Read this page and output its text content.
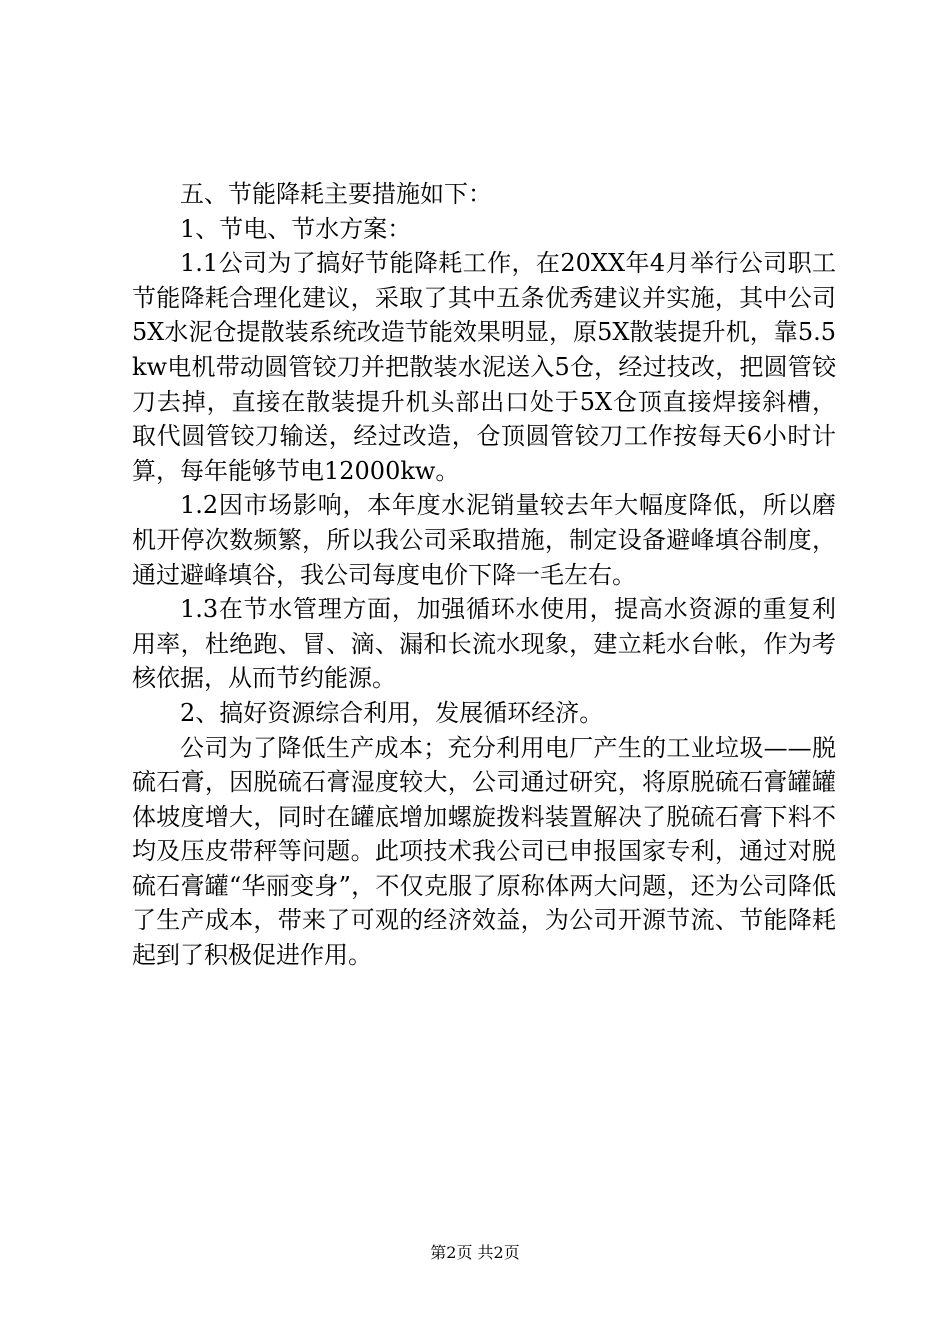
五、节能降耗主要措施如下：

1、节电、节水方案：

1.1公司为了搞好节能降耗工作，在20XX年4月举行公司职工节能降耗合理化建议，采取了其中五条优秀建议并实施，其中公司5X水泥仓提散装系统改造节能效果明显，原5X散装提升机，靠5.5kw电机带动圆管铰刀并把散装水泥送入5仓，经过技改，把圆管铰刀去掉，直接在散装提升机头部出口处于5X仓顶直接焊接斜槽，取代圆管铰刀输送，经过改造，仓顶圆管铰刀工作按每天6小时计算，每年能够节电12000kw。

1.2因市场影响，本年度水泥销量较去年大幅度降低，所以磨机开停次数频繁，所以我公司采取措施，制定设备避峰填谷制度，通过避峰填谷，我公司每度电价下降一毛左右。

1.3在节水管理方面，加强循环水使用，提高水资源的重复利用率，杜绝跑、冒、滴、漏和长流水现象，建立耗水台帐，作为考核依据，从而节约能源。

2、搞好资源综合利用，发展循环经济。

公司为了降低生产成本；充分利用电厂产生的工业垃圾——脱硫石膏，因脱硫石膏湿度较大，公司通过研究，将原脱硫石膏罐罐体坡度增大，同时在罐底增加螺旋拨料装置解决了脱硫石膏下料不均及压皮带秤等问题。此项技术我公司已申报国家专利，通过对脱硫石膏罐“华丽变身”，不仅克服了原称体两大问题，还为公司降低了生产成本，带来了可观的经济效益，为公司开源节流、节能降耗起到了积极促进作用。

第2页 共2页
